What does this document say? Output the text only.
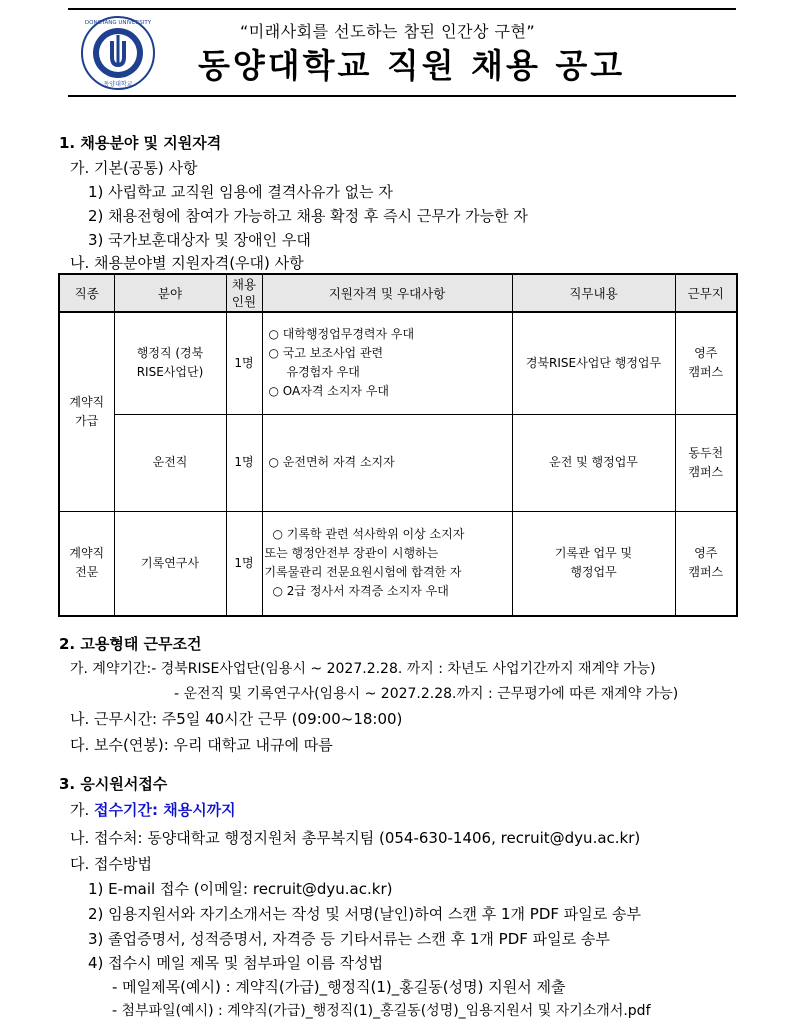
DONGYANG UNIVERSITY
동양대학교
“미래사회를 선도하는 참된 인간상 구현”
동양대학교 직원 채용 공고
1. 채용분야 및 지원자격
가. 기본(공통) 사항
1) 사립학교 교직원 임용에 결격사유가 없는 자
2) 채용전형에 참여가 가능하고 채용 확정 후 즉시 근무가 가능한 자
3) 국가보훈대상자 및 장애인 우대
나. 채용분야별 지원자격(우대) 사항
직종	분야	채용 인원	지원자격 및 우대사항	직무내용	근무지
계약직 가급	행정직 (경북RISE사업단)	1명	○ 대학행정업무경력자 우대
○ 국고 보조사업 관련
유경험자 우대
○ OA자격 소지자 우대	경북RISE사업단 행정업무	영주 캠퍼스
	운전직	1명	○ 운전면허 자격 소지자	운전 및 행정업무	동두천 캠퍼스
계약직 전문	기록연구사	1명	○ 기록학 관련 석사학위 이상 소지자
또는 행정안전부 장관이 시행하는
기록물관리 전문요원시험에 합격한 자
○ 2급 정사서 자격증 소지자 우대	기록관 업무 및 행정업무	영주 캠퍼스
2. 고용형태 근무조건
가. 계약기간:- 경북RISE사업단(임용시 ~ 2027.2.28. 까지 : 차년도 사업기간까지 재계약 가능)
- 운전직 및 기록연구사(임용시 ~ 2027.2.28.까지 : 근무평가에 따른 재계약 가능)
나. 근무시간: 주5일 40시간 근무 (09:00~18:00)
다. 보수(연봉): 우리 대학교 내규에 따름
3. 응시원서접수
가. 접수기간: 채용시까지
나. 접수처: 동양대학교 행정지원처 총무복지팀 (054-630-1406, recruit@dyu.ac.kr)
다. 접수방법
1) E-mail 접수 (이메일: recruit@dyu.ac.kr)
2) 임용지원서와 자기소개서는 작성 및 서명(날인)하여 스캔 후 1개 PDF 파일로 송부
3) 졸업증명서, 성적증명서, 자격증 등 기타서류는 스캔 후 1개 PDF 파일로 송부
4) 접수시 메일 제목 및 첨부파일 이름 작성법
- 메일제목(예시) : 계약직(가급)_행정직(1)_홍길동(성명) 지원서 제출
- 첨부파일(예시) : 계약직(가급)_행정직(1)_홍길동(성명)_임용지원서 및 자기소개서.pdf
